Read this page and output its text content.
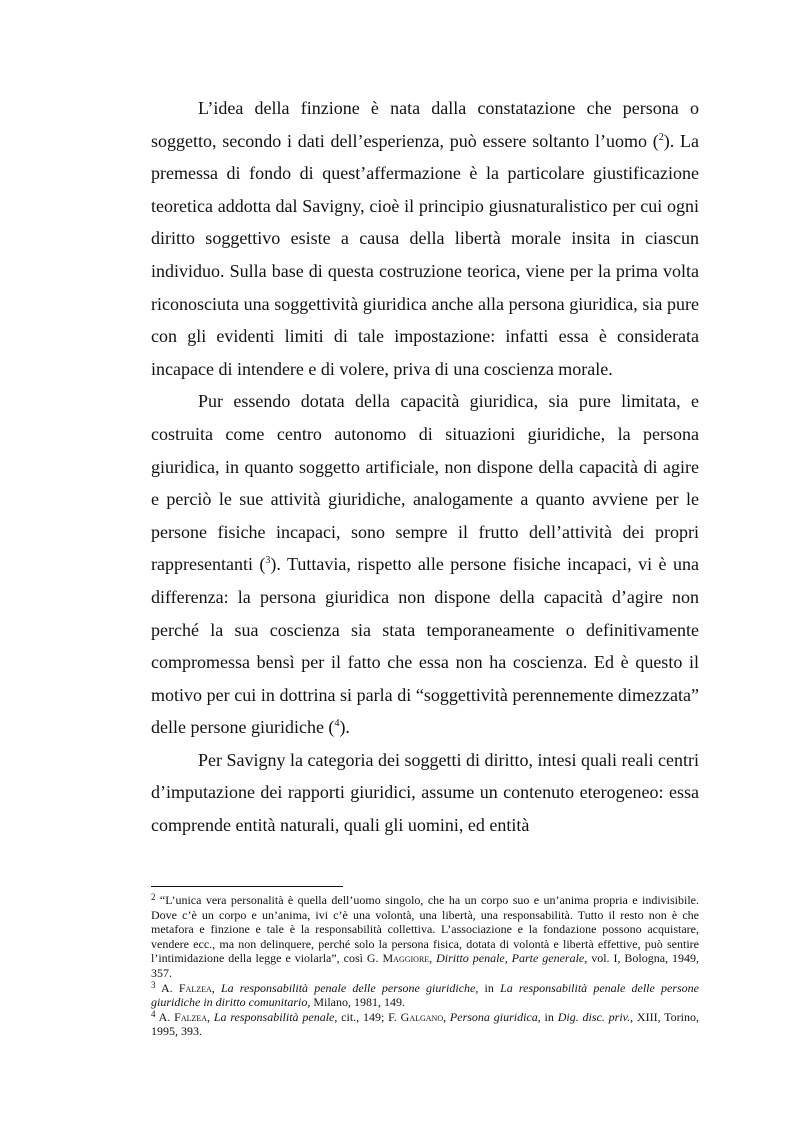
L’idea della finzione è nata dalla constatazione che persona o soggetto, secondo i dati dell’esperienza, può essere soltanto l’uomo ($^2$). La premessa di fondo di quest’affermazione è la particolare giustificazione teoretica addotta dal Savigny, cioè il principio giusnaturalistico per cui ogni diritto soggettivo esiste a causa della libertà morale insita in ciascun individuo. Sulla base di questa costruzione teorica, viene per la prima volta riconosciuta una soggettività giuridica anche alla persona giuridica, sia pure con gli evidenti limiti di tale impostazione: infatti essa è considerata incapace di intendere e di volere, priva di una coscienza morale.

Pur essendo dotata della capacità giuridica, sia pure limitata, e costruita come centro autonomo di situazioni giuridiche, la persona giuridica, in quanto soggetto artificiale, non dispone della capacità di agire e perciò le sue attività giuridiche, analogamente a quanto avviene per le persone fisiche incapaci, sono sempre il frutto dell’attività dei propri rappresentanti ($^3$). Tuttavia, rispetto alle persone fisiche incapaci, vi è una differenza: la persona giuridica non dispone della capacità d’agire non perché la sua coscienza sia stata temporaneamente o definitivamente compromessa bensì per il fatto che essa non ha coscienza. Ed è questo il motivo per cui in dottrina si parla di “soggettività perennemente dimezzata” delle persone giuridiche ($^4$).

Per Savigny la categoria dei soggetti di diritto, intesi quali reali centri d’imputazione dei rapporti giuridici, assume un contenuto eterogeneo: essa comprende entità naturali, quali gli uomini, ed entità

$^2$ “L’unica vera personalità è quella dell’uomo singolo, che ha un corpo suo e un’anima propria e indivisibile. Dove c’è un corpo e un’anima, ivi c’è una volontà, una libertà, una responsabilità. Tutto il resto non è che metafora e finzione e tale è la responsabilità collettiva. L’associazione e la fondazione possono acquistare, vendere ecc., ma non delinquere, perché solo la persona fisica, dotata di volontà e libertà effettive, può sentire l’intimidazione della legge e violarla”, così G. Maggiore, Diritto penale, Parte generale, vol. I, Bologna, 1949, 357.

$^3$ A. Falzea, La responsabilità penale delle persone giuridiche, in La responsabilità penale delle persone giuridiche in diritto comunitario, Milano, 1981, 149.

$^4$ A. Falzea, La responsabilità penale, cit., 149; F. Galgano, Persona giuridica, in Dig. disc. priv., XIII, Torino, 1995, 393.
